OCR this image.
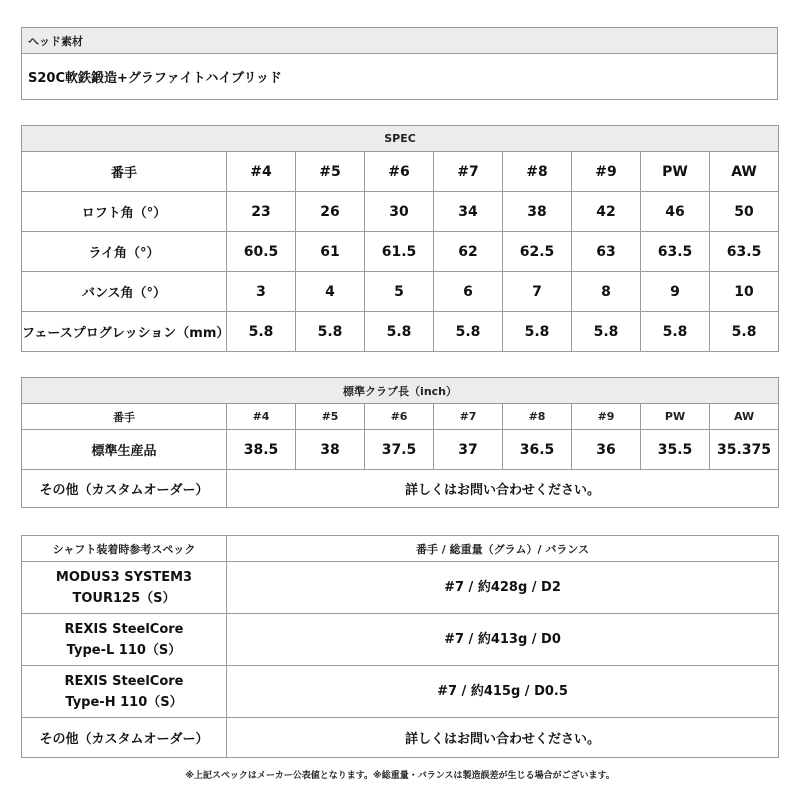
ヘッド素材
S20C軟鉄鍛造+グラファイトハイブリッド
SPEC								
番手	#4	#5	#6	#7	#8	#9	PW	AW
ロフト角（°）	23	26	30	34	38	42	46	50
ライ角（°）	60.5	61	61.5	62	62.5	63	63.5	63.5
バンス角（°）	3	4	5	6	7	8	9	10
フェースプログレッション（mm）	5.8	5.8	5.8	5.8	5.8	5.8	5.8	5.8
標準クラブ長（inch）								
番手	#4	#5	#6	#7	#8	#9	PW	AW
標準生産品	38.5	38	37.5	37	36.5	36	35.5	35.375
その他（カスタムオーダー）	詳しくはお問い合わせください。							
シャフト装着時参考スペック	番手 / 総重量（グラム）/ バランス
MODUS3 SYSTEM3
TOUR125（S）	#7 / 約428g / D2
REXIS SteelCore
Type-L 110（S）	#7 / 約413g / D0
REXIS SteelCore
Type-H 110（S）	#7 / 約415g / D0.5
その他（カスタムオーダー）	詳しくはお問い合わせください。
※上記スペックはメーカー公表値となります。※総重量・バランスは製造誤差が生じる場合がございます。
